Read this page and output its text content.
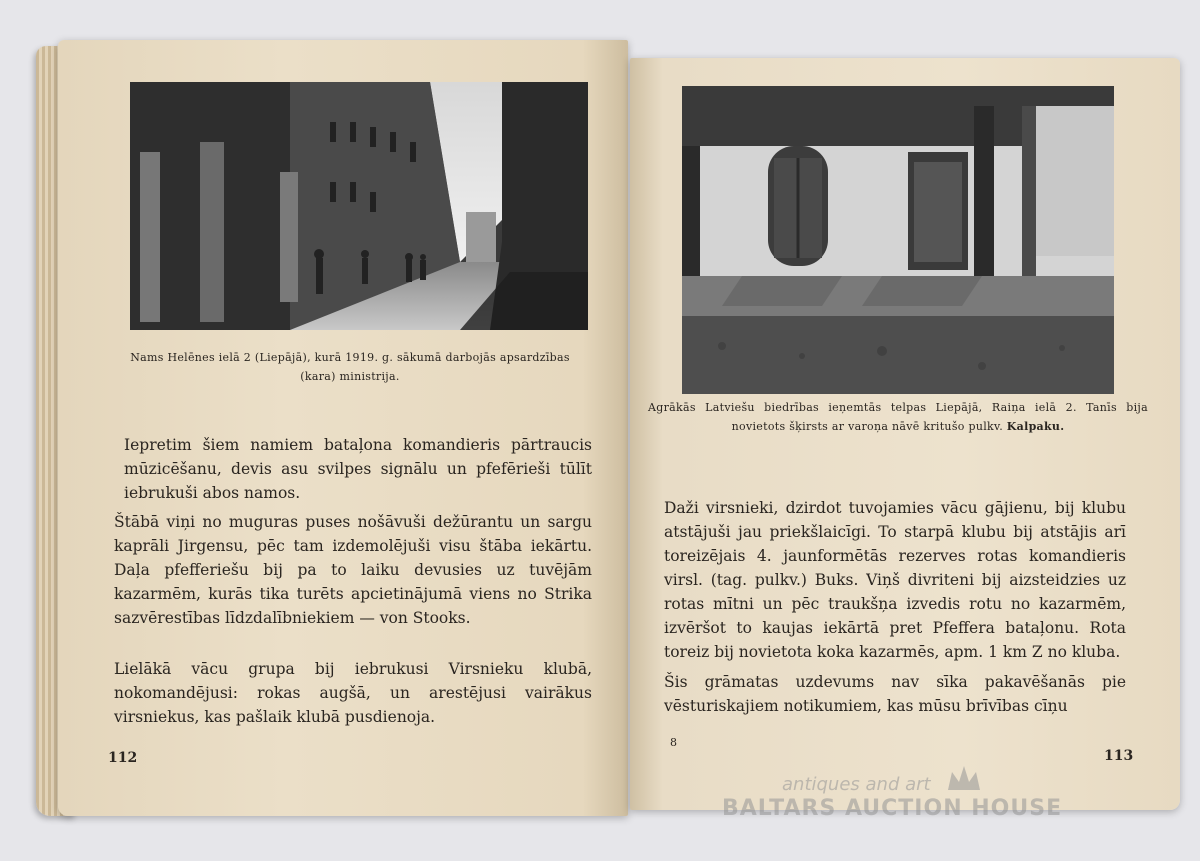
Nams Helēnes ielā 2 (Liepājā), kurā 1919. g. sākumā darbojās apsardzības (kara) ministrija.

Iepretim šiem namiem bataļona komandieris pārtraucis mūzicēšanu, devis asu svilpes signālu un pfefērieši tūlīt iebrukuši abos namos.

Štābā viņi no muguras puses nošāvuši dežūrantu un sargu kaprāli Jirgensu, pēc tam izdemolējuši visu štāba iekārtu. Daļa pfefferiešu bij pa to laiku devusies uz tuvējām kazarmēm, kurās tika turēts apcietinājumā viens no Strika sazvērestības līdzdalībniekiem — von Stooks.

Lielākā vācu grupa bij iebrukusi Virsnieku klubā, nokomandējusi: rokas augšā, un arestējusi vairākus virsniekus, kas pašlaik klubā pusdienoja.

112
Agrākās Latviešu biedrības ieņemtās telpas Liepājā, Raiņa ielā 2. Tanīs bija novietots šķirsts ar varoņa nāvē kritušo pulkv. Kalpaku.

Daži virsnieki, dzirdot tuvojamies vācu gājienu, bij klubu atstājuši jau priekšlaicīgi. To starpā klubu bij atstājis arī toreizējais 4. jaunformētās rezerves rotas komandieris virsl. (tag. pulkv.) Buks. Viņš divriteni bij aizsteidzies uz rotas mītni un pēc traukšņa izvedis rotu no kazarmēm, izvēršot to kaujas iekārtā pret Pfeffera bataļonu. Rota toreiz bij novietota koka kazarmēs, apm. 1 km Z no kluba.

Šis grāmatas uzdevums nav sīka pakavēšanās pie vēsturiskajiem notikumiem, kas mūsu brīvības cīņu

8
113
antiques and art
BALTARS AUCTION HOUSE
